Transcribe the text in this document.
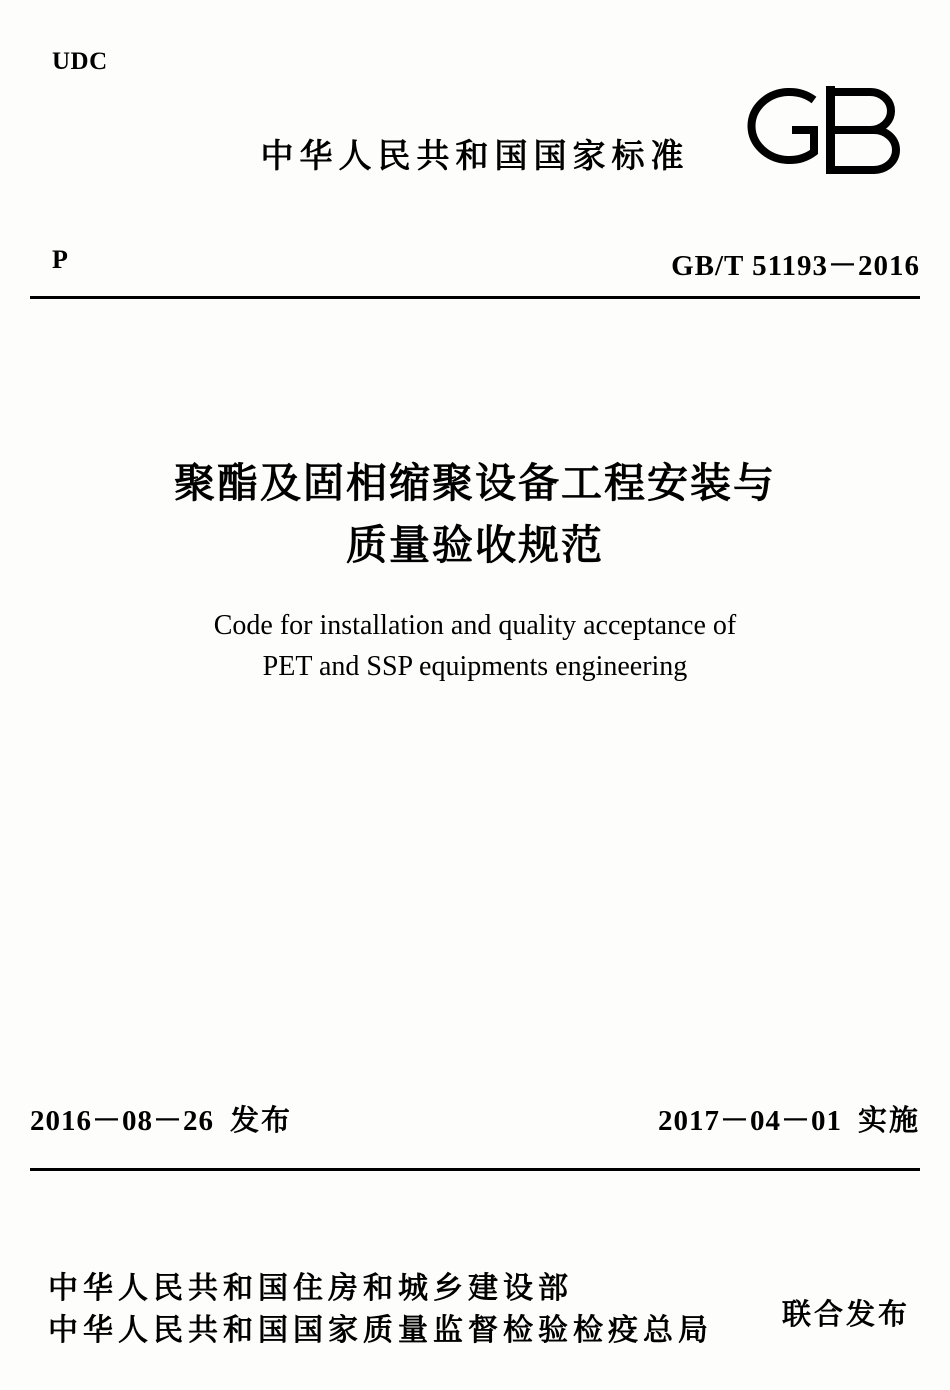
UDC
中华人民共和国国家标准
P	GB/T 51193－2016
聚酯及固相缩聚设备工程安装与
质量验收规范
Code for installation and quality acceptance of
PET and SSP equipments engineering
2016－08－26 发布	2017－04－01 实施
中华人民共和国住房和城乡建设部
中华人民共和国国家质量监督检验检疫总局 联合发布
